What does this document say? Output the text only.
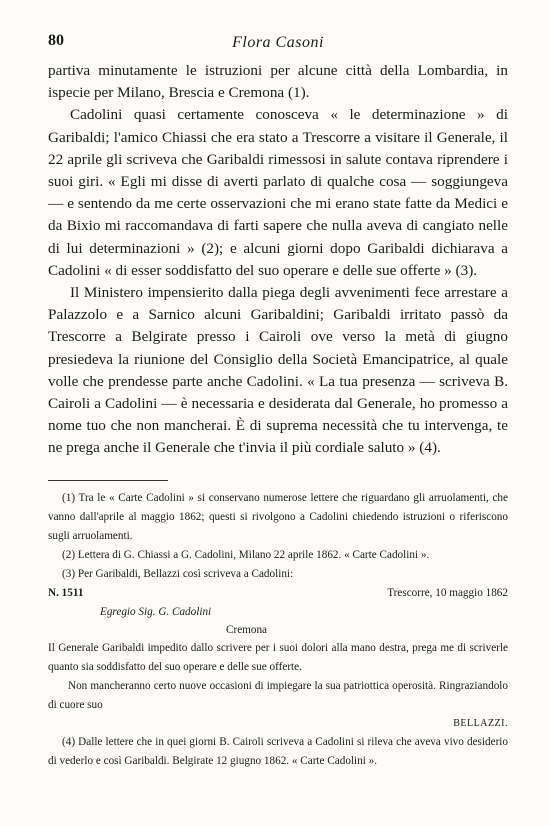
80	Flora Casoni

partiva minutamente le istruzioni per alcune città della Lombardia, in ispecie per Milano, Brescia e Cremona (1).

Cadolini quasi certamente conosceva « le determinazione » di Garibaldi; l'amico Chiassi che era stato a Trescorre a visitare il Generale, il 22 aprile gli scriveva che Garibaldi rimessosi in salute contava riprendere i suoi giri. « Egli mi disse di averti parlato di qualche cosa — soggiungeva — e sentendo da me certe osservazioni che mi erano state fatte da Medici e da Bixio mi raccomandava di farti sapere che nulla aveva di cangiato nelle di lui determinazioni » (2); e alcuni giorni dopo Garibaldi dichiarava a Cadolini « di esser soddisfatto del suo operare e delle sue offerte » (3).

Il Ministero impensierito dalla piega degli avvenimenti fece arrestare a Palazzolo e a Sarnico alcuni Garibaldini; Garibaldi irritato passò da Trescorre a Belgirate presso i Cairoli ove verso la metà di giugno presiedeva la riunione del Consiglio della Società Emancipatrice, al quale volle che prendesse parte anche Cadolini. « La tua presenza — scriveva B. Cairoli a Cadolini — è necessaria e desiderata dal Generale, ho promesso a nome tuo che non mancherai. È di suprema necessità che tu intervenga, te ne prega anche il Generale che t'invia il più cordiale saluto » (4).

(1) Tra le « Carte Cadolini » si conservano numerose lettere che riguardano gli arruolamenti, che vanno dall'aprile al maggio 1862; questi si rivolgono a Cadolini chiedendo istruzioni o riferiscono sugli arruolamenti.

(2) Lettera di G. Chiassi a G. Cadolini, Milano 22 aprile 1862. « Carte Cadolini ».

(3) Per Garibaldi, Bellazzi così scriveva a Cadolini:

N. 1511	Trescorre, 10 maggio 1862
Egregio Sig. G. Cadolini
Cremona

Il Generale Garibaldi impedito dallo scrivere per i suoi dolori alla mano destra, prega me di scriverle quanto sia soddisfatto del suo operare e delle sue offerte.

Non mancheranno certo nuove occasioni di impiegare la sua patriottica operosità. Ringraziandolo di cuore suo

BELLAZZI.

(4) Dalle lettere che in quei giorni B. Cairoli scriveva a Cadolini si rileva che aveva vivo desiderio di vederlo e così Garibaldi. Belgirate 12 giugno 1862. « Carte Cadolini ».
